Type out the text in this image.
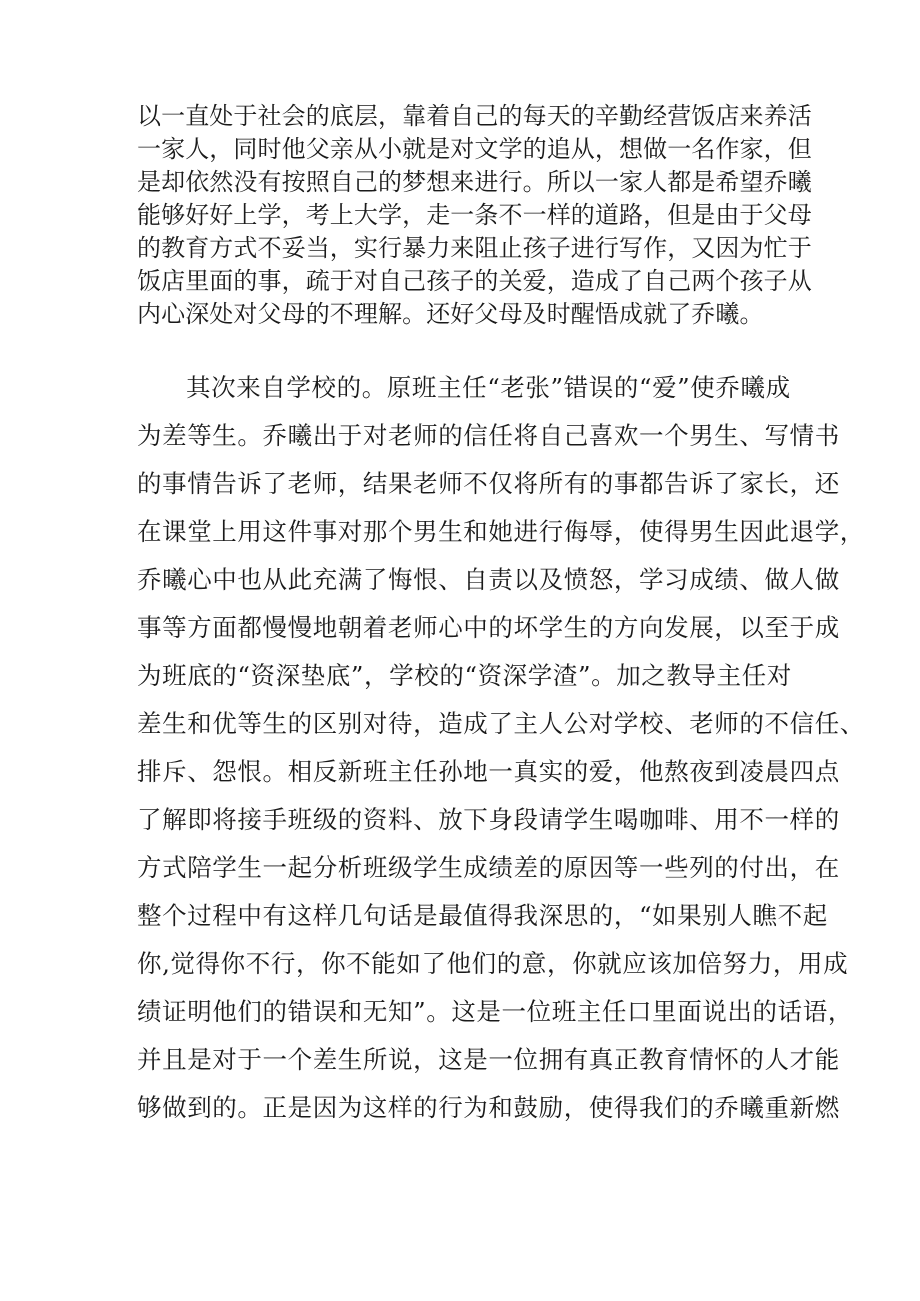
以一直处于社会的底层，靠着自己的每天的辛勤经营饭店来养活
一家人，同时他父亲从小就是对文学的追从，想做一名作家，但
是却依然没有按照自己的梦想来进行。所以一家人都是希望乔曦
能够好好上学，考上大学，走一条不一样的道路，但是由于父母
的教育方式不妥当，实行暴力来阻止孩子进行写作，又因为忙于
饭店里面的事，疏于对自己孩子的关爱，造成了自己两个孩子从
内心深处对父母的不理解。还好父母及时醒悟成就了乔曦。
其次来自学校的。原班主任“老张”错误的“爱”使乔曦成
为差等生。乔曦出于对老师的信任将自己喜欢一个男生、写情书
的事情告诉了老师，结果老师不仅将所有的事都告诉了家长，还
在课堂上用这件事对那个男生和她进行侮辱，使得男生因此退学，
乔曦心中也从此充满了悔恨、自责以及愤怒，学习成绩、做人做
事等方面都慢慢地朝着老师心中的坏学生的方向发展，以至于成
为班底的“资深垫底”，学校的“资深学渣”。加之教导主任对
差生和优等生的区别对待，造成了主人公对学校、老师的不信任、
排斥、怨恨。相反新班主任孙地一真实的爱，他熬夜到凌晨四点
了解即将接手班级的资料、放下身段请学生喝咖啡、用不一样的
方式陪学生一起分析班级学生成绩差的原因等一些列的付出，在
整个过程中有这样几句话是最值得我深思的，“如果别人瞧不起
你,觉得你不行，你不能如了他们的意，你就应该加倍努力，用成
绩证明他们的错误和无知”。这是一位班主任口里面说出的话语，
并且是对于一个差生所说，这是一位拥有真正教育情怀的人才能
够做到的。正是因为这样的行为和鼓励，使得我们的乔曦重新燃
